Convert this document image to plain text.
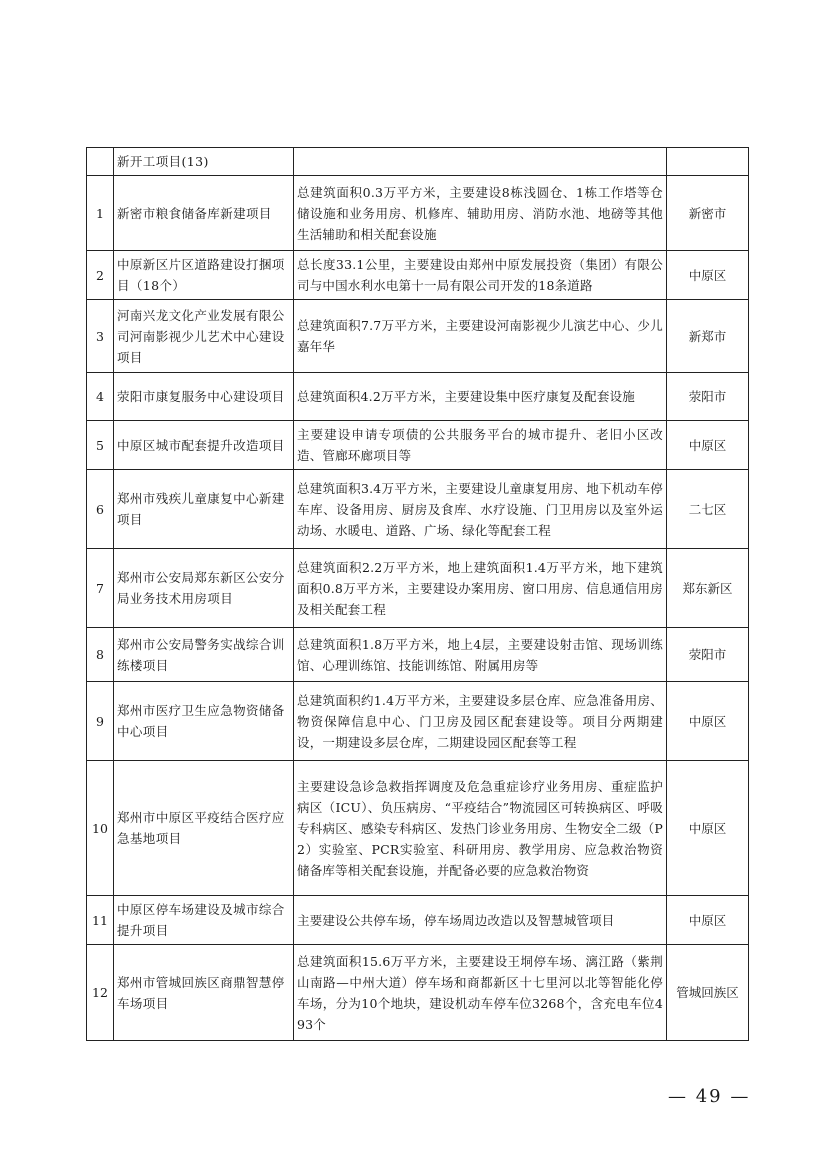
	新开工项目(13)		
1	新密市粮食储备库新建项目	总建筑面积0.3万平方米，主要建设8栋浅圆仓、1栋工作塔等仓储设施和业务用房、机修库、辅助用房、消防水池、地磅等其他生活辅助和相关配套设施	新密市
2	中原新区片区道路建设打捆项目（18个）	总长度33.1公里，主要建设由郑州中原发展投资（集团）有限公司与中国水利水电第十一局有限公司开发的18条道路	中原区
3	河南兴龙文化产业发展有限公司河南影视少儿艺术中心建设项目	总建筑面积7.7万平方米，主要建设河南影视少儿演艺中心、少儿嘉年华	新郑市
4	荥阳市康复服务中心建设项目	总建筑面积4.2万平方米，主要建设集中医疗康复及配套设施	荥阳市
5	中原区城市配套提升改造项目	主要建设申请专项债的公共服务平台的城市提升、老旧小区改造、管廊环廊项目等	中原区
6	郑州市残疾儿童康复中心新建项目	总建筑面积3.4万平方米，主要建设儿童康复用房、地下机动车停车库、设备用房、厨房及食库、水疗设施、门卫用房以及室外运动场、水暖电、道路、广场、绿化等配套工程	二七区
7	郑州市公安局郑东新区公安分局业务技术用房项目	总建筑面积2.2万平方米，地上建筑面积1.4万平方米，地下建筑面积0.8万平方米，主要建设办案用房、窗口用房、信息通信用房及相关配套工程	郑东新区
8	郑州市公安局警务实战综合训练楼项目	总建筑面积1.8万平方米，地上4层，主要建设射击馆、现场训练馆、心理训练馆、技能训练馆、附属用房等	荥阳市
9	郑州市医疗卫生应急物资储备中心项目	总建筑面积约1.4万平方米，主要建设多层仓库、应急准备用房、物资保障信息中心、门卫房及园区配套建设等。项目分两期建设，一期建设多层仓库，二期建设园区配套等工程	中原区
10	郑州市中原区平疫结合医疗应急基地项目	主要建设急诊急救指挥调度及危急重症诊疗业务用房、重症监护病区（ICU）、负压病房、“平疫结合”物流园区可转换病区、呼吸专科病区、感染专科病区、发热门诊业务用房、生物安全二级（P2）实验室、PCR实验室、科研用房、教学用房、应急救治物资储备库等相关配套设施，并配备必要的应急救治物资	中原区
11	中原区停车场建设及城市综合提升项目	主要建设公共停车场，停车场周边改造以及智慧城管项目	中原区
12	郑州市管城回族区商鼎智慧停车场项目	总建筑面积15.6万平方米，主要建设王垌停车场、漓江路（紫荆山南路—中州大道）停车场和商都新区十七里河以北等智能化停车场，分为10个地块，建设机动车停车位3268个，含充电车位493个	管城回族区
— 49 —
